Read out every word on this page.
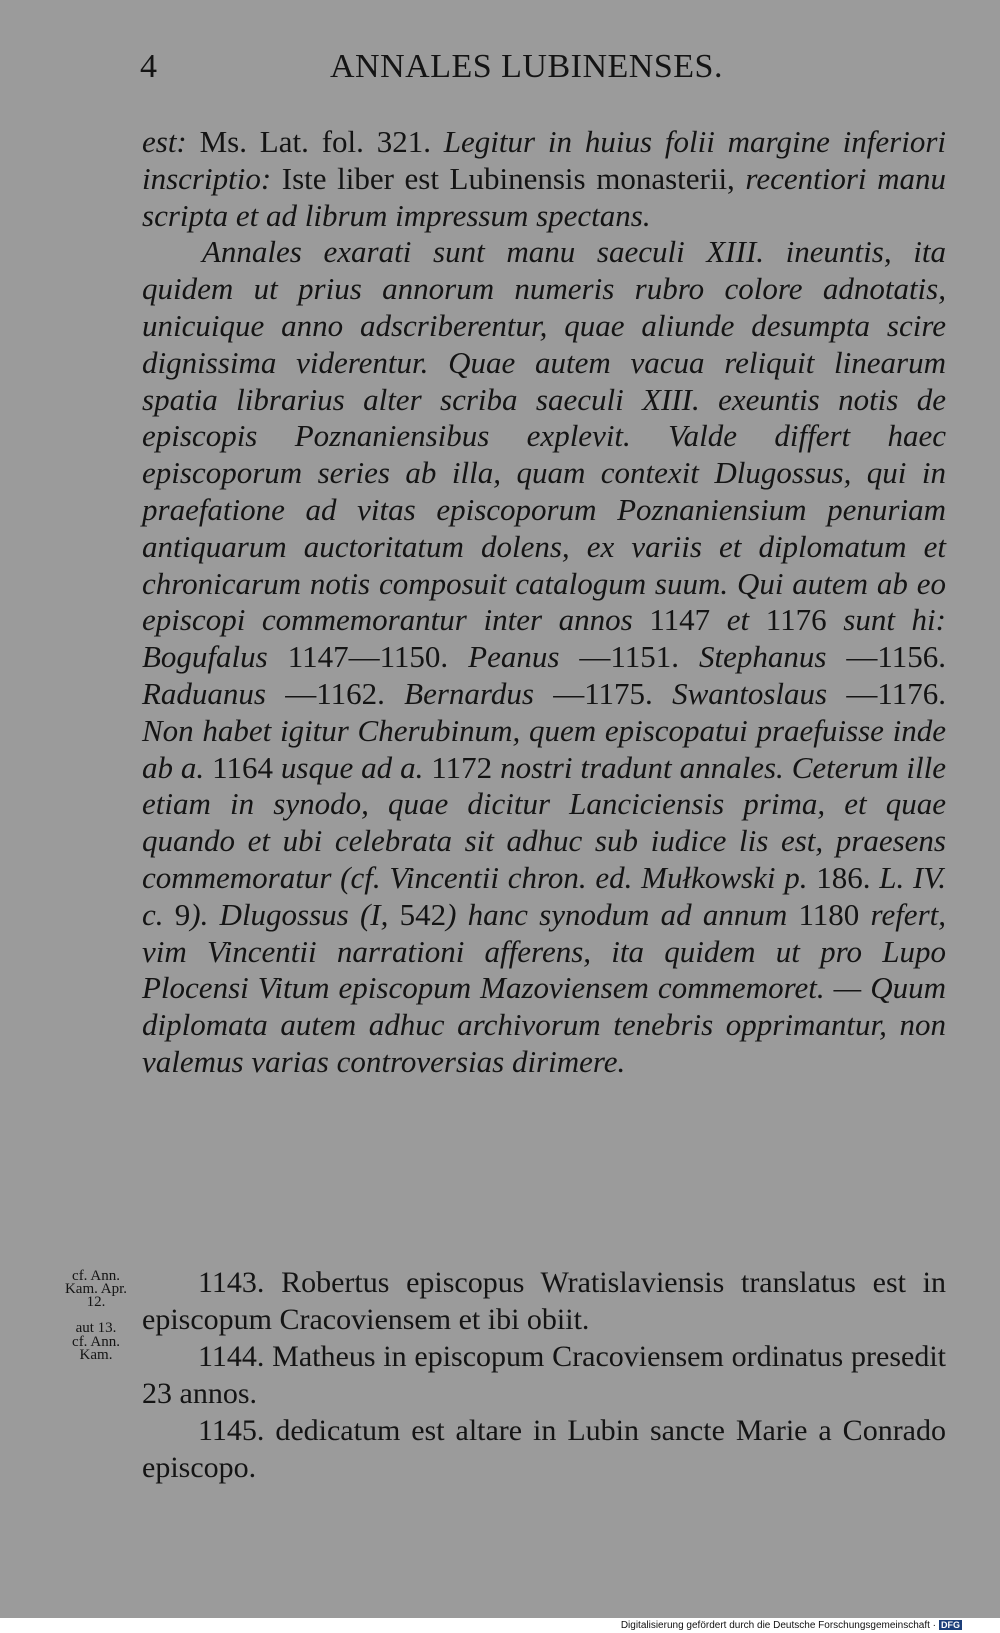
4	ANNALES LUBINENSES.

est: Ms. Lat. fol. 321. Legitur in huius folii margine inferiori inscriptio: Iste liber est Lubinensis monasterii, recentiori manu scripta et ad librum impressum spectans.

Annales exarati sunt manu saeculi XIII. ineuntis, ita quidem ut prius annorum numeris rubro colore adnotatis, unicuique anno adscriberentur, quae aliunde desumpta scire dignissima viderentur. Quae autem vacua reliquit linearum spatia librarius alter scriba saeculi XIII. exeuntis notis de episcopis Poznaniensibus explevit. Valde differt haec episcoporum series ab illa, quam contexit Dlugossus, qui in praefatione ad vitas episcoporum Poznaniensium penuriam antiquarum auctoritatum dolens, ex variis et diplomatum et chronicarum notis composuit catalogum suum. Qui autem ab eo episcopi commemorantur inter annos 1147 et 1176 sunt hi: Bogufalus 1147—1150. Peanus —1151. Stephanus —1156. Raduanus —1162. Bernardus —1175. Swantoslaus —1176. Non habet igitur Cherubinum, quem episcopatui praefuisse inde ab a. 1164 usque ad a. 1172 nostri tradunt annales. Ceterum ille etiam in synodo, quae dicitur Lanciciensis prima, et quae quando et ubi celebrata sit adhuc sub iudice lis est, praesens commemoratur (cf. Vincentii chron. ed. Mułkowski p. 186. L. IV. c. 9). Dlugossus (I, 542) hanc synodum ad annum 1180 refert, vim Vincentii narrationi afferens, ita quidem ut pro Lupo Plocensi Vitum episcopum Mazoviensem commemoret. — Quum diplomata autem adhuc archivorum tenebris opprimantur, non valemus varias controversias dirimere.

cf. Ann. Kam. Apr. 12.
aut 13.
cf. Ann. Kam.

1143. Robertus episcopus Wratislaviensis translatus est in episcopum Cracoviensem et ibi obiit.

1144. Matheus in episcopum Cracoviensem ordinatus presedit 23 annos.

1145. dedicatum est altare in Lubin sancte Marie a Conrado episcopo.

Digitalisierung gefördert durch die Deutsche Forschungsgemeinschaft · DFG
